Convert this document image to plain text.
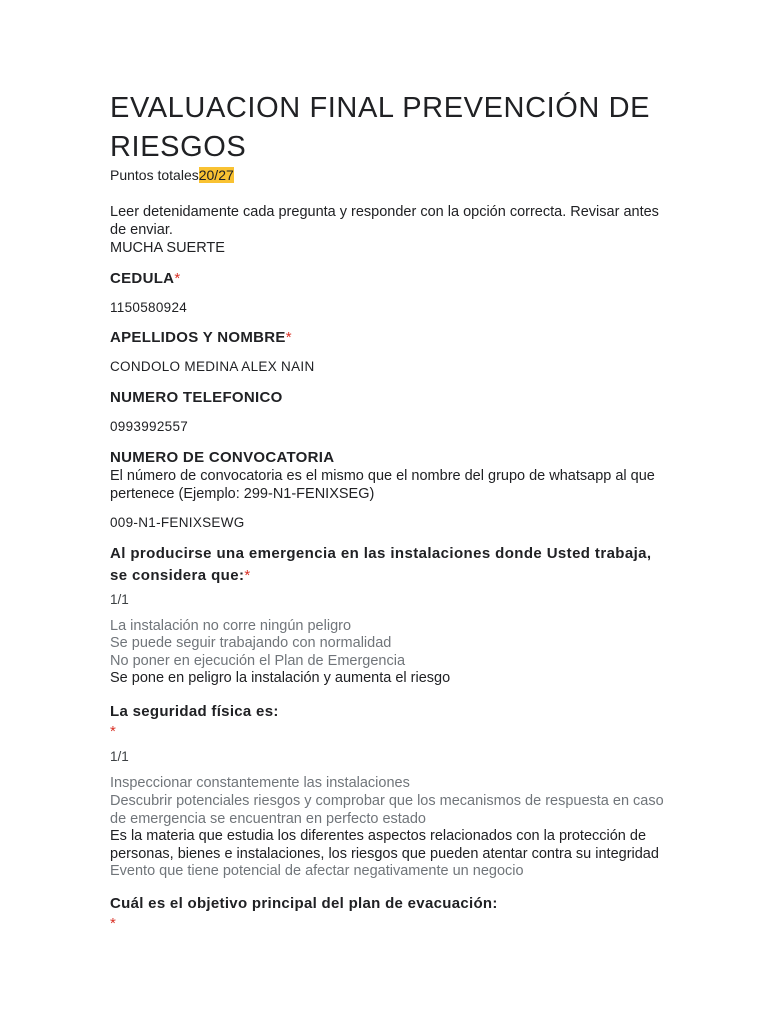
EVALUACION FINAL PREVENCIÓN DE RIESGOS
Puntos totales20/27
Leer detenidamente cada pregunta y responder con la opción correcta. Revisar antes de enviar.
MUCHA SUERTE
CEDULA*
1150580924
APELLIDOS Y NOMBRE*
CONDOLO MEDINA ALEX NAIN
NUMERO TELEFONICO
0993992557
NUMERO DE CONVOCATORIA
El número de convocatoria es el mismo que el nombre del grupo de whatsapp al que pertenece (Ejemplo: 299-N1-FENIXSEG)
009-N1-FENIXSEWG
Al producirse una emergencia en las instalaciones donde Usted trabaja, se considera que:*
1/1
La instalación no corre ningún peligro
Se puede seguir trabajando con normalidad
No poner en ejecución el Plan de Emergencia
Se pone en peligro la instalación y aumenta el riesgo
La seguridad física es:
*
1/1
Inspeccionar constantemente las instalaciones
Descubrir potenciales riesgos y comprobar que los mecanismos de respuesta en caso de emergencia se encuentran en perfecto estado
Es la materia que estudia los diferentes aspectos relacionados con la protección de personas, bienes e instalaciones, los riesgos que pueden atentar contra su integridad
Evento que tiene potencial de afectar negativamente un negocio
Cuál es el objetivo principal del plan de evacuación:
*
